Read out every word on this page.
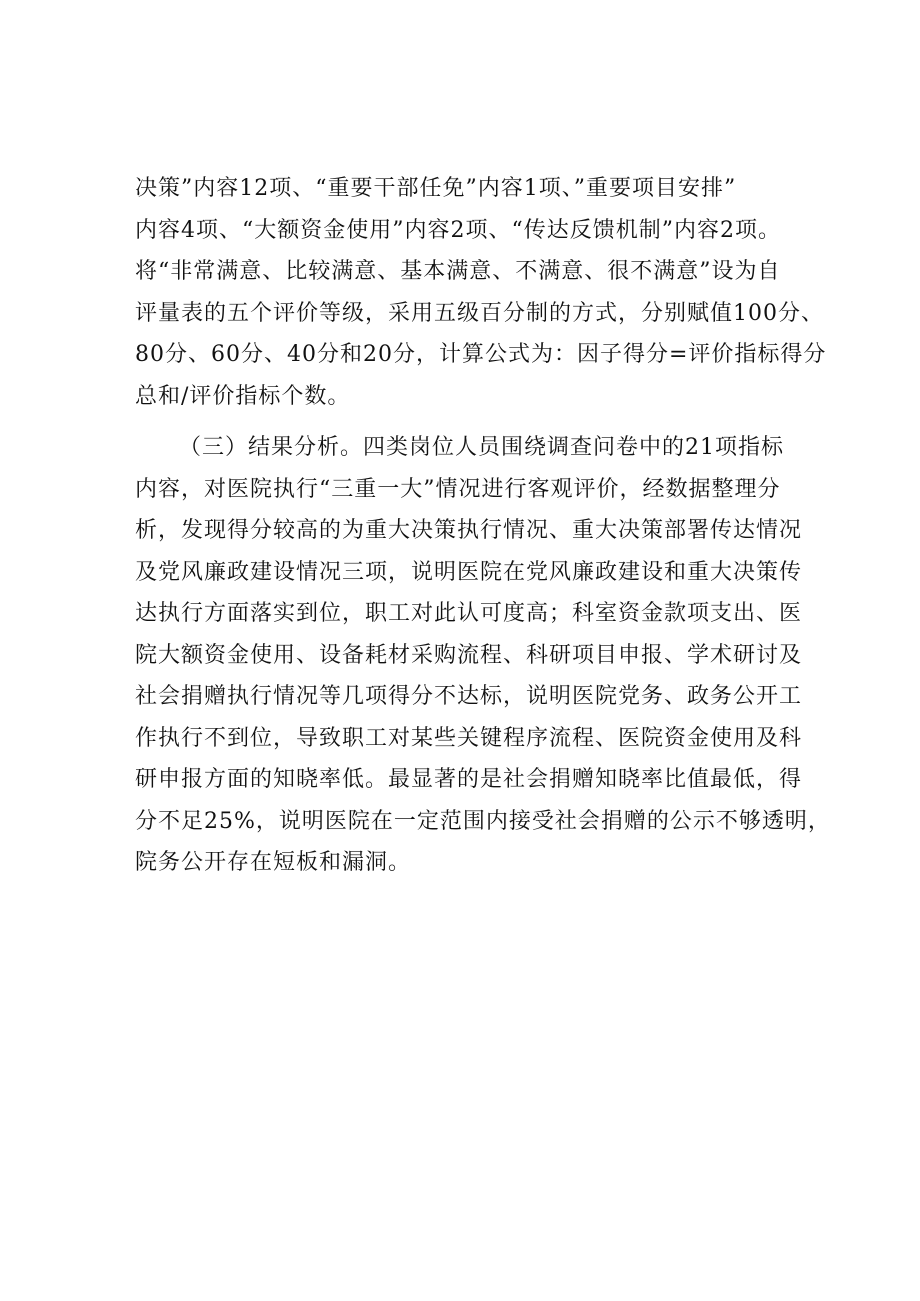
决策”内容12项、“重要干部任免”内容1项、”重要项目安排”
内容4项、“大额资金使用”内容2项、“传达反馈机制”内容2项。
将“非常满意、比较满意、基本满意、不满意、很不满意”设为自
评量表的五个评价等级，采用五级百分制的方式，分别赋值100分、
80分、60分、40分和20分，计算公式为：因子得分=评价指标得分
总和/评价指标个数。
（三）结果分析。四类岗位人员围绕调查问卷中的21项指标
内容，对医院执行“三重一大”情况进行客观评价，经数据整理分
析，发现得分较高的为重大决策执行情况、重大决策部署传达情况
及党风廉政建设情况三项，说明医院在党风廉政建设和重大决策传
达执行方面落实到位，职工对此认可度高；科室资金款项支出、医
院大额资金使用、设备耗材采购流程、科研项目申报、学术研讨及
社会捐赠执行情况等几项得分不达标，说明医院党务、政务公开工
作执行不到位，导致职工对某些关键程序流程、医院资金使用及科
研申报方面的知晓率低。最显著的是社会捐赠知晓率比值最低，得
分不足25%，说明医院在一定范围内接受社会捐赠的公示不够透明，
院务公开存在短板和漏洞。
